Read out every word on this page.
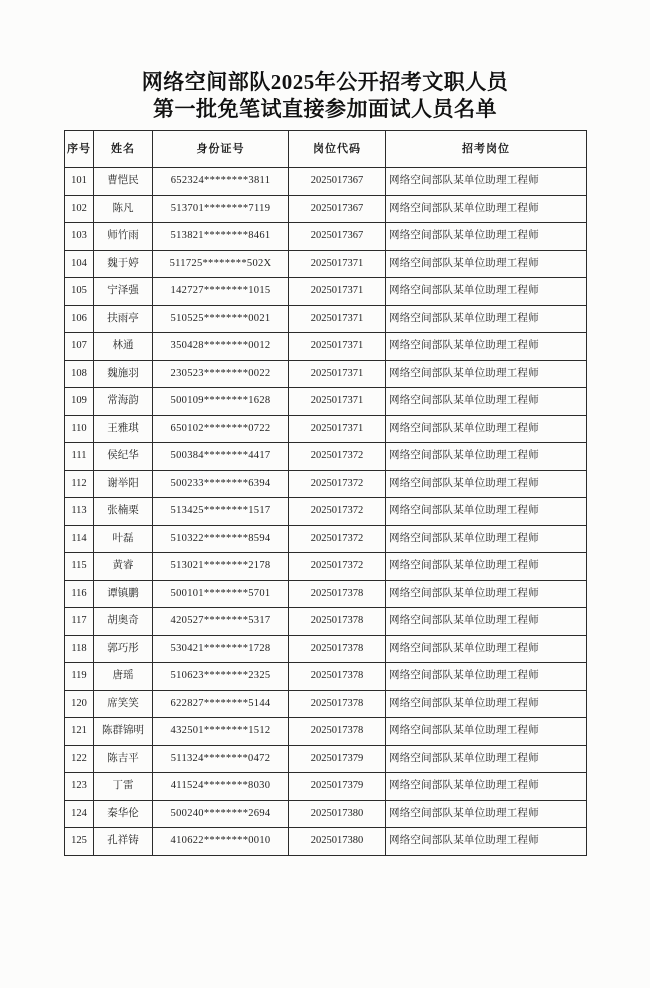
网络空间部队2025年公开招考文职人员
第一批免笔试直接参加面试人员名单
序号	姓名	身份证号	岗位代码	招考岗位
101	曹恺民	652324********3811	2025017367	网络空间部队某单位助理工程师
102	陈凡	513701********7119	2025017367	网络空间部队某单位助理工程师
103	师竹雨	513821********8461	2025017367	网络空间部队某单位助理工程师
104	魏于婷	511725********502X	2025017371	网络空间部队某单位助理工程师
105	宁泽强	142727********1015	2025017371	网络空间部队某单位助理工程师
106	扶雨亭	510525********0021	2025017371	网络空间部队某单位助理工程师
107	林通	350428********0012	2025017371	网络空间部队某单位助理工程师
108	魏施羽	230523********0022	2025017371	网络空间部队某单位助理工程师
109	常海韵	500109********1628	2025017371	网络空间部队某单位助理工程师
110	王雅琪	650102********0722	2025017371	网络空间部队某单位助理工程师
111	侯纪华	500384********4417	2025017372	网络空间部队某单位助理工程师
112	谢举阳	500233********6394	2025017372	网络空间部队某单位助理工程师
113	张楠栗	513425********1517	2025017372	网络空间部队某单位助理工程师
114	叶磊	510322********8594	2025017372	网络空间部队某单位助理工程师
115	黄睿	513021********2178	2025017372	网络空间部队某单位助理工程师
116	谭镇鹏	500101********5701	2025017378	网络空间部队某单位助理工程师
117	胡奥奇	420527********5317	2025017378	网络空间部队某单位助理工程师
118	郭巧彤	530421********1728	2025017378	网络空间部队某单位助理工程师
119	唐瑶	510623********2325	2025017378	网络空间部队某单位助理工程师
120	席笑笑	622827********5144	2025017378	网络空间部队某单位助理工程师
121	陈群锦明	432501********1512	2025017378	网络空间部队某单位助理工程师
122	陈吉平	511324********0472	2025017379	网络空间部队某单位助理工程师
123	丁雷	411524********8030	2025017379	网络空间部队某单位助理工程师
124	秦华伦	500240********2694	2025017380	网络空间部队某单位助理工程师
125	孔祥铸	410622********0010	2025017380	网络空间部队某单位助理工程师
